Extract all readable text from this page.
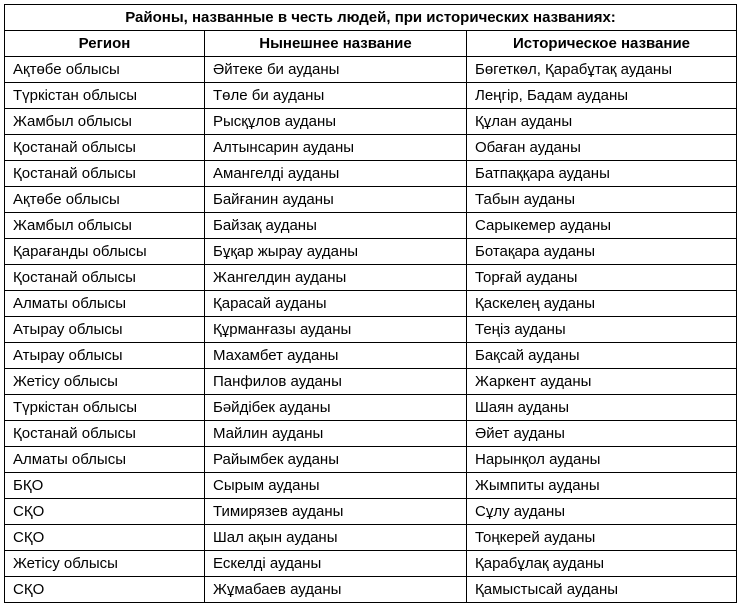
Районы, названные в честь людей, при исторических названиях:		
Регион	Нынешнее название	Историческое название
Ақтөбе облысы	Әйтеке би ауданы	Бөгеткөл, Қарабұтақ ауданы
Түркістан облысы	Төле би ауданы	Леңгір, Бадам ауданы
Жамбыл облысы	Рысқұлов ауданы	Құлан ауданы
Қостанай облысы	Алтынсарин ауданы	Обаған ауданы
Қостанай облысы	Амангелді ауданы	Батпаққара ауданы
Ақтөбе облысы	Байғанин ауданы	Табын ауданы
Жамбыл облысы	Байзақ ауданы	Сарыкемер ауданы
Қарағанды облысы	Бұқар жырау ауданы	Ботақара ауданы
Қостанай облысы	Жангелдин ауданы	Торғай ауданы
Алматы облысы	Қарасай ауданы	Қаскелең ауданы
Атырау облысы	Құрманғазы ауданы	Теңіз ауданы
Атырау облысы	Махамбет ауданы	Бақсай ауданы
Жетісу облысы	Панфилов ауданы	Жаркент ауданы
Түркістан облысы	Бәйдібек ауданы	Шаян ауданы
Қостанай облысы	Майлин ауданы	Әйет ауданы
Алматы облысы	Райымбек ауданы	Нарынқол ауданы
БҚО	Сырым ауданы	Жымпиты ауданы
СҚО	Тимирязев ауданы	Сұлу ауданы
СҚО	Шал ақын ауданы	Тоңкерей ауданы
Жетісу облысы	Ескелді ауданы	Қарабұлақ ауданы
СҚО	Жұмабаев ауданы	Қамыстысай ауданы
